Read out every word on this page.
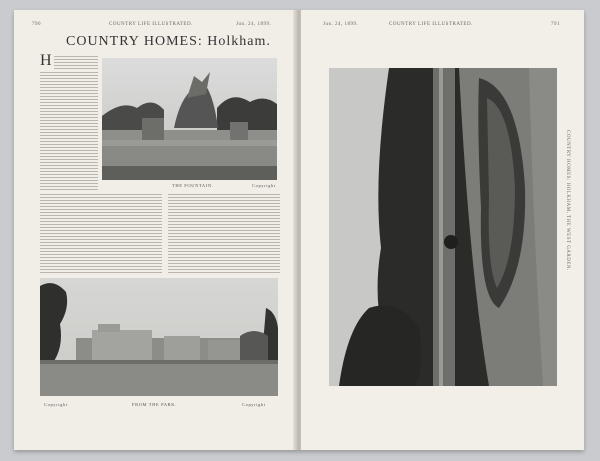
790	COUNTRY LIFE ILLUSTRATED.	Jun. 24, 1899.
COUNTRY HOMES: Holkham.
H
THE FOUNTAIN.	Copyright
FROM THE PARK.	Copyright
Copyright
Jun. 24, 1899.	COUNTRY LIFE ILLUSTRATED.	791
COUNTRY HOMES: HOLKHAM, THE WEST GARDEN.
